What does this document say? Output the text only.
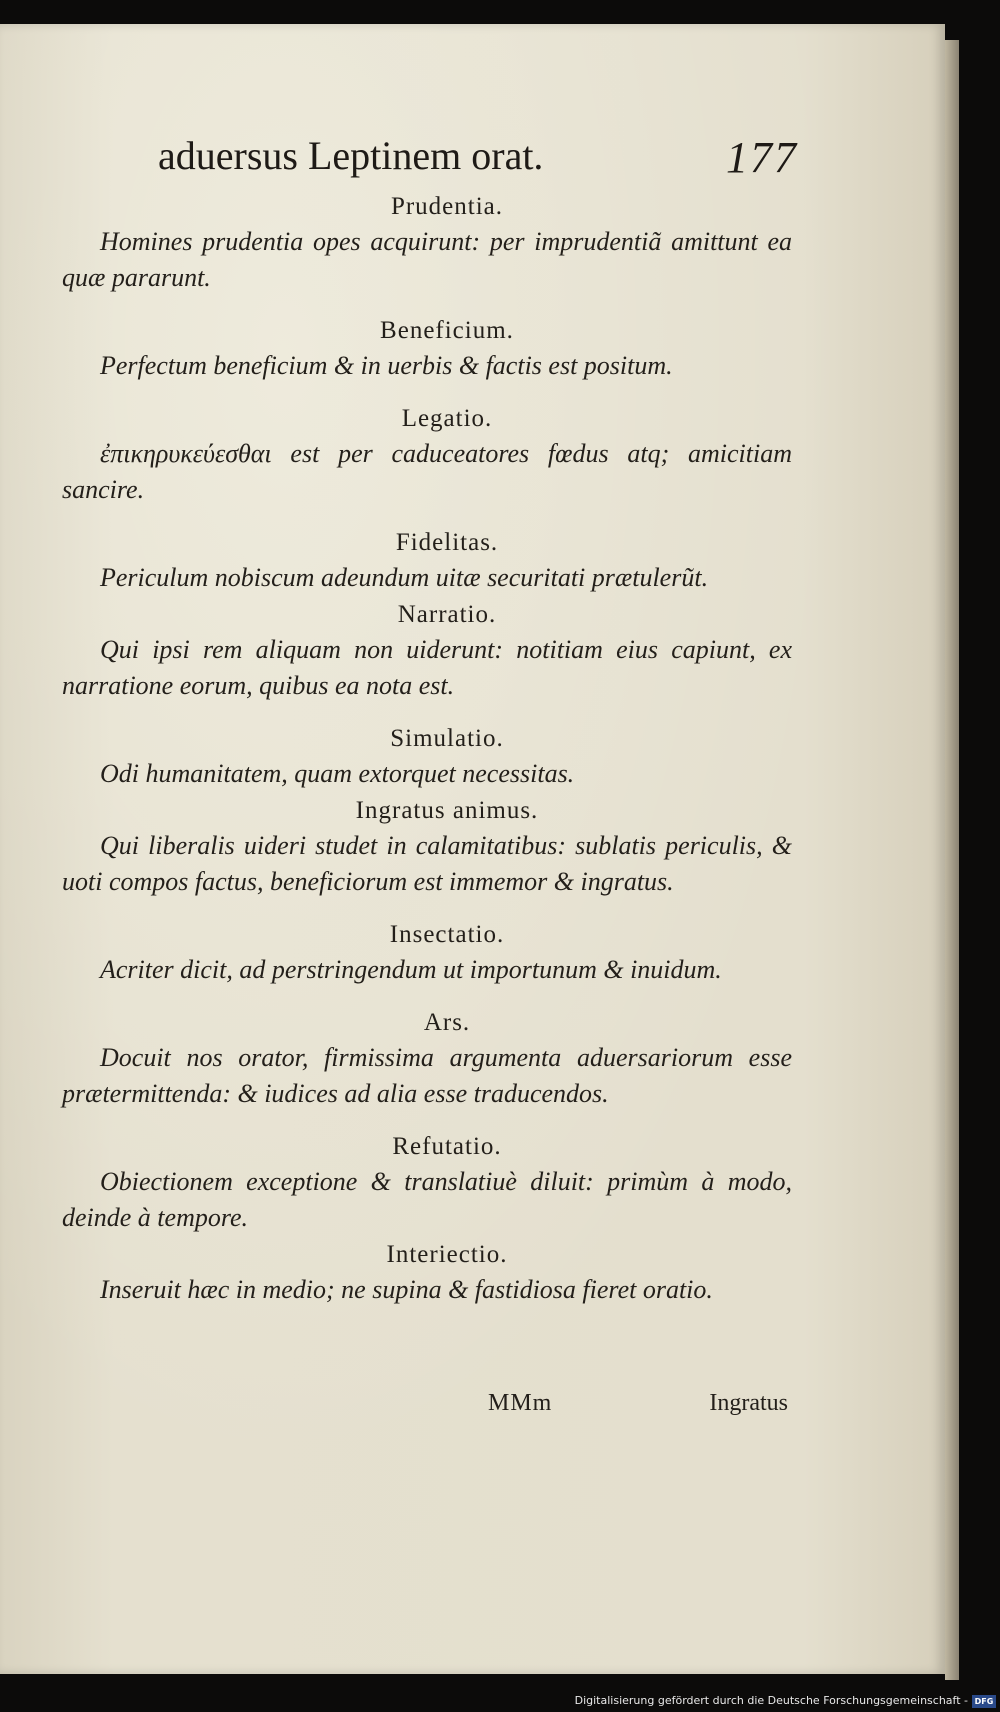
aduersus Leptinem orat.	177

Prudentia.

Homines prudentia opes acquirunt: per imprudentiã amittunt ea quæ pararunt.

Beneficium.

Perfectum beneficium & in uerbis & factis est positum.

Legatio.

ἐπικηρυκεύεσθαι est per caduceatores fœdus atq; amicitiam sancire.

Fidelitas.

Periculum nobiscum adeundum uitæ securitati prætulerũt.

Narratio.

Qui ipsi rem aliquam non uiderunt: notitiam eius capiunt, ex narratione eorum, quibus ea nota est.

Simulatio.

Odi humanitatem, quam extorquet necessitas.

Ingratus animus.

Qui liberalis uideri studet in calamitatibus: sublatis periculis, & uoti compos factus, beneficiorum est immemor & ingratus.

Insectatio.

Acriter dicit, ad perstringendum ut importunum & inuidum.

Ars.

Docuit nos orator, firmissima argumenta aduersariorum esse prætermittenda: & iudices ad alia esse traducendos.

Refutatio.

Obiectionem exceptione & translatiuè diluit: primùm à modo, deinde à tempore.

Interiectio.

Inseruit hæc in medio; ne supina & fastidiosa fieret oratio.

MMm	Ingratus
Digitalisierung gefördert durch die Deutsche Forschungsgemeinschaft - DFG
